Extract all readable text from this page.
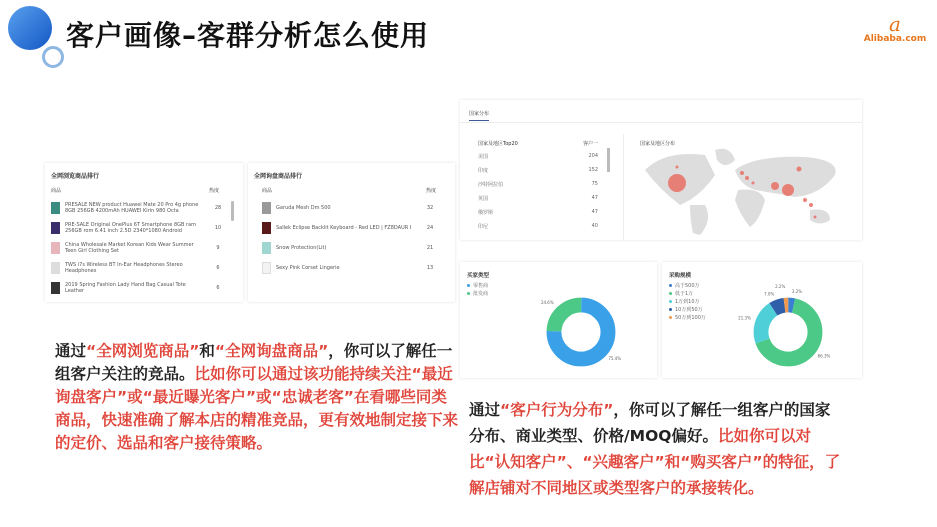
客户画像–客群分析怎么使用	a
Alibaba.com
全网浏览商品排行
商品	热度
PRESALE NEW product Huawei Mate 20 Pro 4g phone 8GB 256GB 4200mAh HUAWEI Kirin 980 Octa	28
PRE-SALE Original OnePlus 6T Smartphone 8GB ram 256GB rom 6.41 inch 2.5D 2340*1080 Android	10
China Wholesale Market Korean Kids Wear Summer Teen Girl Clothing Set	9
TWS i7s Wireless BT In-Ear Headphones Stereo Headphones	6
2019 Spring Fashion Lady Hand Bag Casual Tote Leather	6
全网询盘商品排行
商品	热度
Garuda Mesh Dm 500	32
Sallek Eclipse Backlit Keyboard - Red LED | FZ8DAUR I	24
Snow Protection(Lit)	21
Sexy Pink Corset Lingerie	13
国家分布
国家及地区Top20	客户一
美国	204
印度	152
沙特阿拉伯	75
英国	47
俄罗斯	47
印尼	40
国家及地区分布
买家类型
零售商
批发商
75.4%
24.6%
采购规模
高于500万
低于1万
1万到10万
10万到50万
50万到100万
3.2%
66.3%
21.3%
7.0%
2.2%
通过“全网浏览商品”和“全网询盘商品”，你可以了解任一组客户关注的竞品。比如你可以通过该功能持续关注“最近询盘客户”或“最近曝光客户”或“忠诚老客”在看哪些同类商品，快速准确了解本店的精准竞品，更有效地制定接下来的定价、选品和客户接待策略。
通过“客户行为分布”，你可以了解任一组客户的国家分布、商业类型、价格/MOQ偏好。比如你可以对比“认知客户”、“兴趣客户”和“购买客户”的特征，了解店铺对不同地区或类型客户的承接转化。
